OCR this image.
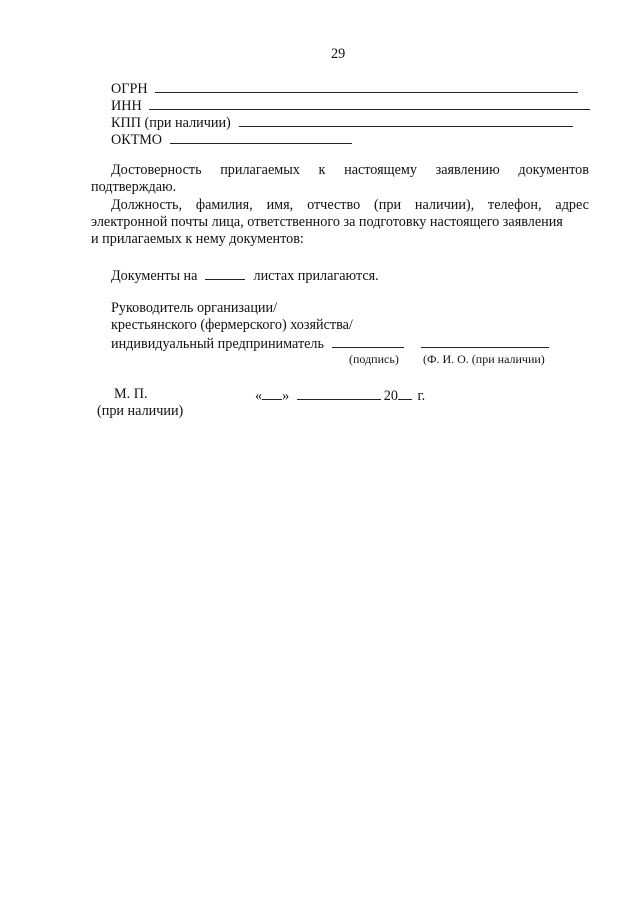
29
ОГРН
ИНН
КПП (при наличии)
ОКТМО
Достоверность прилагаемых к настоящему заявлению документов
подтверждаю.
Должность, фамилия, имя, отчество (при наличии), телефон, адрес
электронной почты лица, ответственного за подготовку настоящего заявления
и прилагаемых к нему документов:
Документы на	листах прилагаются.
Руководитель организации/
крестьянского (фермерского) хозяйства/
индивидуальный предприниматель
(подпись) (Ф. И. О. (при наличии)
М. П.
(при наличии)
« »	20 г.
